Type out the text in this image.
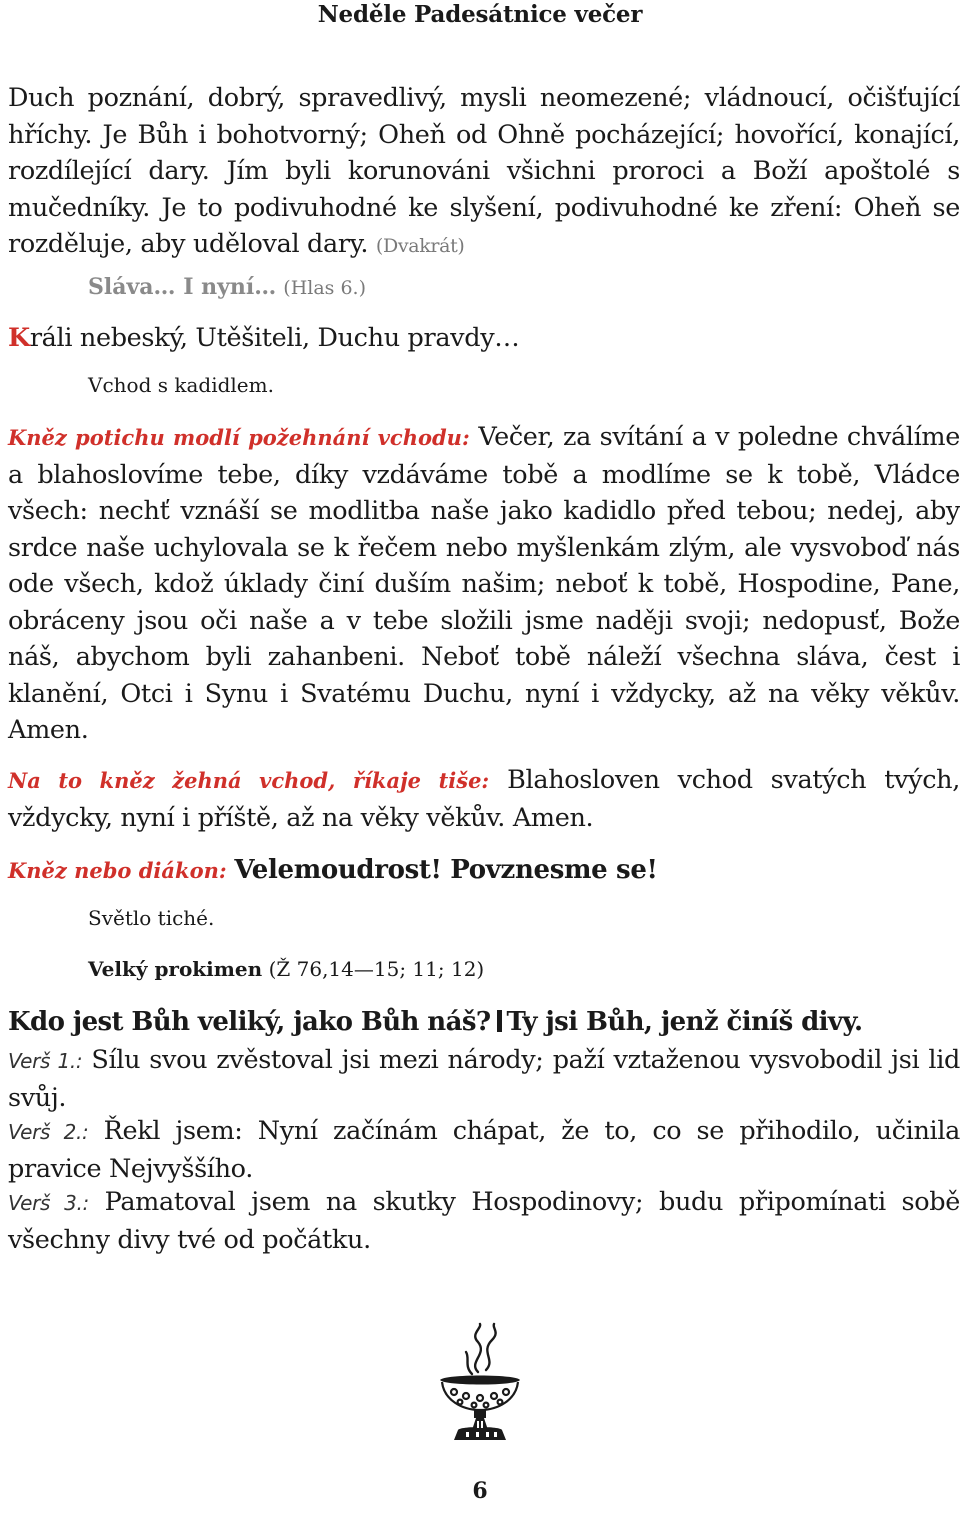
Neděle Padesátnice večer

Duch poznání, dobrý, spravedlivý, mysli neomezené; vládnoucí, očišťující hříchy. Je Bůh i bohotvorný; Oheň od Ohně pocházející; hovořící, konající, rozdílející dary. Jím byli korunováni všichni proroci a Boží apoštolé s mučedníky. Je to podivuhodné ke slyšení, podivuhodné ke zření: Oheň se rozděluje, aby uděloval dary. (Dvakrát)

Sláva… I nyní… (Hlas 6.)
Králi nebeský, Utěšiteli, Duchu pravdy…
Vchod s kadidlem.

Kněz potichu modlí požehnání vchodu: Večer, za svítání a v poledne chválíme a blahoslovíme tebe, díky vzdáváme tobě a modlíme se k tobě, Vládce všech: nechť vznáší se modlitba naše jako kadidlo před tebou; nedej, aby srdce naše uchylovala se k řečem nebo myšlenkám zlým, ale vysvoboď nás ode všech, kdož úklady činí duším našim; neboť k tobě, Hospodine, Pane, obráceny jsou oči naše a v tebe složili jsme naději svoji; nedopusť, Bože náš, abychom byli zahanbeni. Neboť tobě náleží všechna sláva, čest i klanění, Otci i Synu i Svatému Duchu, nyní i vždycky, až na věky věkův. Amen.

Na to kněz žehná vchod, říkaje tiše: Blahosloven vchod svatých tvých, vždycky, nyní i příště, až na věky věkův. Amen.

Kněz nebo diákon: Velemoudrost! Povznesme se!
Světlo tiché.
Velký prokimen (Ž 76,14—15; 11; 12)
Kdo jest Bůh veliký, jako Bůh náš? Ty jsi Bůh, jenž činíš divy.

Verš 1.: Sílu svou zvěstoval jsi mezi národy; paží vztaženou vysvobodil jsi lid svůj.

Verš 2.: Řekl jsem: Nyní začínám chápat, že to, co se přihodilo, učinila pravice Nejvyššího.

Verš 3.: Pamatoval jsem na skutky Hospodinovy; budu připomínati sobě všechny divy tvé od počátku.

6
